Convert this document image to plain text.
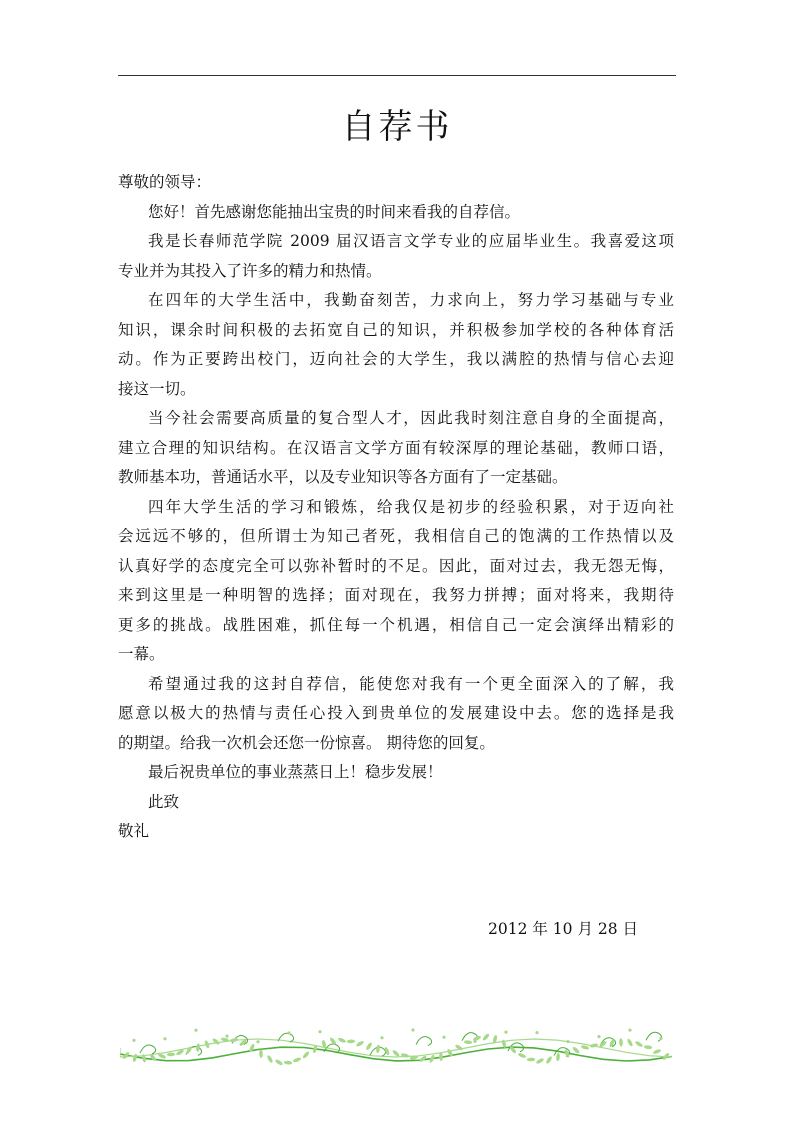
自荐书
尊敬的领导：
您好！首先感谢您能抽出宝贵的时间来看我的自荐信。
我是长春师范学院 2009 届汉语言文学专业的应届毕业生。我喜爱这项
专业并为其投入了许多的精力和热情。
在四年的大学生活中，我勤奋刻苦，力求向上，努力学习基础与专业
知识，课余时间积极的去拓宽自己的知识，并积极参加学校的各种体育活
动。作为正要跨出校门，迈向社会的大学生，我以满腔的热情与信心去迎
接这一切。
当今社会需要高质量的复合型人才，因此我时刻注意自身的全面提高，
建立合理的知识结构。在汉语言文学方面有较深厚的理论基础，教师口语，
教师基本功，普通话水平，以及专业知识等各方面有了一定基础。
四年大学生活的学习和锻炼，给我仅是初步的经验积累，对于迈向社
会远远不够的，但所谓士为知己者死，我相信自己的饱满的工作热情以及
认真好学的态度完全可以弥补暂时的不足。因此，面对过去，我无怨无悔，
来到这里是一种明智的选择；面对现在，我努力拼搏；面对将来，我期待
更多的挑战。战胜困难，抓住每一个机遇，相信自己一定会演绎出精彩的
一幕。
希望通过我的这封自荐信，能使您对我有一个更全面深入的了解，我
愿意以极大的热情与责任心投入到贵单位的发展建设中去。您的选择是我
的期望。给我一次机会还您一份惊喜。 期待您的回复。
最后祝贵单位的事业蒸蒸日上！稳步发展！
此致
敬礼
2012 年 10 月 28 日
